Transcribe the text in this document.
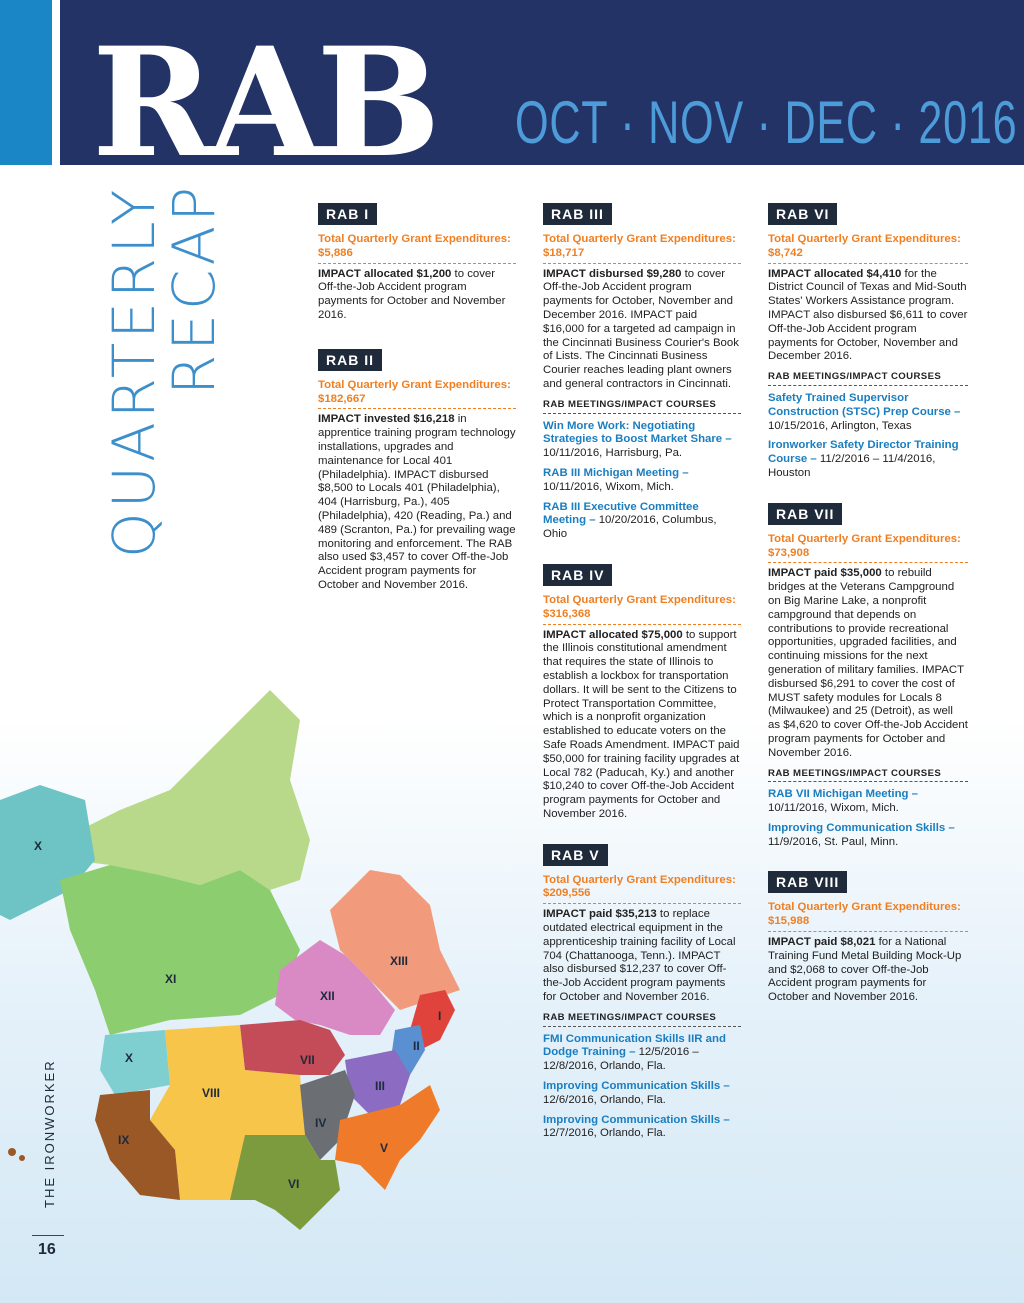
RAB OCT · NOV · DEC · 2016
QUARTERLY
RECAP	RAB I
Total Quarterly Grant Expenditures: $5,886
IMPACT allocated $1,200 to cover Off-the-Job Accident program payments for October and November 2016.
RAB II
Total Quarterly Grant Expenditures: $182,667
IMPACT invested $16,218 in apprentice training program technology installations, upgrades and maintenance for Local 401 (Philadelphia). IMPACT disbursed $8,500 to Locals 401 (Philadelphia), 404 (Harrisburg, Pa.), 405 (Philadelphia), 420 (Reading, Pa.) and 489 (Scranton, Pa.) for prevailing wage monitoring and enforcement. The RAB also used $3,457 to cover Off-the-Job Accident program payments for October and November 2016.
RAB III
Total Quarterly Grant Expenditures: $18,717
IMPACT disbursed $9,280 to cover Off-the-Job Accident program payments for October, November and December 2016. IMPACT paid $16,000 for a targeted ad campaign in the Cincinnati Business Courier's Book of Lists. The Cincinnati Business Courier reaches leading plant owners and general contractors in Cincinnati.
RAB MEETINGS/IMPACT COURSES
Win More Work: Negotiating Strategies to Boost Market Share – 10/11/2016, Harrisburg, Pa.
RAB III Michigan Meeting – 10/11/2016, Wixom, Mich.
RAB III Executive Committee Meeting – 10/20/2016, Columbus, Ohio
RAB IV
Total Quarterly Grant Expenditures: $316,368
IMPACT allocated $75,000 to support the Illinois constitutional amendment that requires the state of Illinois to establish a lockbox for transportation dollars. It will be sent to the Citizens to Protect Transportation Committee, which is a nonprofit organization established to educate voters on the Safe Roads Amendment. IMPACT paid $50,000 for training facility upgrades at Local 782 (Paducah, Ky.) and another $10,240 to cover Off-the-Job Accident program payments for October and November 2016.
RAB V
Total Quarterly Grant Expenditures: $209,556
IMPACT paid $35,213 to replace outdated electrical equipment in the apprenticeship training facility of Local 704 (Chattanooga, Tenn.). IMPACT also disbursed $12,237 to cover Off-the-Job Accident program payments for October and November 2016.
RAB MEETINGS/IMPACT COURSES
FMI Communication Skills IIR and Dodge Training – 12/5/2016 – 12/8/2016, Orlando, Fla.
Improving Communication Skills – 12/6/2016, Orlando, Fla.
Improving Communication Skills – 12/7/2016, Orlando, Fla.
RAB VI
Total Quarterly Grant Expenditures: $8,742
IMPACT allocated $4,410 for the District Council of Texas and Mid-South States' Workers Assistance program. IMPACT also disbursed $6,611 to cover Off-the-Job Accident program payments for October, November and December 2016.
RAB MEETINGS/IMPACT COURSES
Safety Trained Supervisor Construction (STSC) Prep Course – 10/15/2016, Arlington, Texas
Ironworker Safety Director Training Course – 11/2/2016 – 11/4/2016, Houston
RAB VII
Total Quarterly Grant Expenditures: $73,908
IMPACT paid $35,000 to rebuild bridges at the Veterans Campground on Big Marine Lake, a nonprofit campground that depends on contributions to provide recreational opportunities, upgraded facilities, and continuing missions for the next generation of military families. IMPACT disbursed $6,291 to cover the cost of MUST safety modules for Locals 8 (Milwaukee) and 25 (Detroit), as well as $4,620 to cover Off-the-Job Accident program payments for October and November 2016.
RAB MEETINGS/IMPACT COURSES
RAB VII Michigan Meeting – 10/11/2016, Wixom, Mich.
Improving Communication Skills – 11/9/2016, St. Paul, Minn.
RAB VIII
Total Quarterly Grant Expenditures: $15,988
IMPACT paid $8,021 for a National Training Fund Metal Building Mock-Up and $2,068 to cover Off-the-Job Accident program payments for October and November 2016.
X
XI
XIII
XII
I
II
X	VII
VIII	III
IX
IV
V
VI
THE IRONWORKER
16
